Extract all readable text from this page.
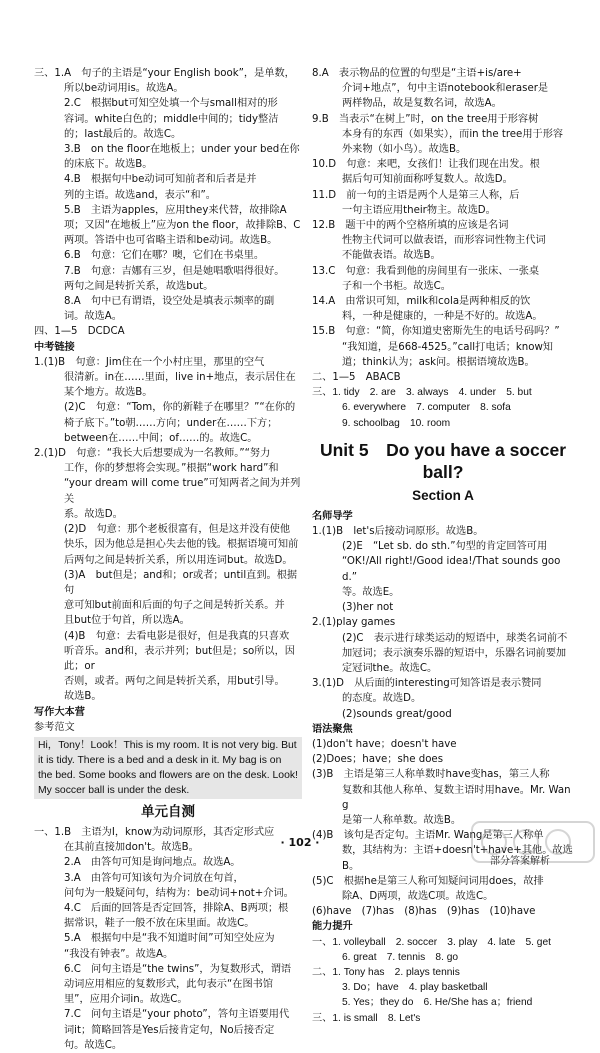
三、1.A　句子的主语是“your English book”，是单数，

所以be动词用is。故选A。

2.C　根据but可知空处填一个与small相对的形

容词。white白色的；middle中间的；tidy整洁

的；last最后的。故选C。

3.B　on the floor在地板上；under your bed在你

的床底下。故选B。

4.B　根据句中be动词可知前者和后者是并

列的主语。故选and，表示“和”。

5.B　主语为apples，应用they来代替，故排除A

项；又因“在地板上”应为on the floor，故排除B、C

两项。答语中也可省略主语和be动词。故选B。

6.B　句意：它们在哪？噢，它们在书桌里。

7.B　句意：吉娜有三岁，但是她唱歌唱得很好。

两句之间是转折关系，故选but。

8.A　句中已有谓语，设空处是填表示频率的副

词。故选A。

四、1—5　DCDCA

中考链接

1.(1)B　句意：Jim住在一个小村庄里，那里的空气

很清新。in在……里面，live in+地点，表示居住在

某个地方。故选B。

(2)C　句意：“Tom，你的新鞋子在哪里？”“在你的

椅子底下。”to朝……方向；under在……下方；

between在……中间；of……的。故选C。

2.(1)D　句意：“我长大后想要成为一名教师。”“努力

工作，你的梦想将会实现。”根据“work hard”和

“your dream will come true”可知两者之间为并列关

系。故选D。

(2)D　句意：那个老板很富有，但是这并没有使他

快乐，因为他总是担心失去他的钱。根据语境可知前

后两句之间是转折关系，所以用连词but。故选D。

(3)A　but但是；and和；or或者；until直到。根据句

意可知but前面和后面的句子之间是转折关系。并

且but位于句首，所以选A。

(4)B　句意：去看电影是很好，但是我真的只喜欢

听音乐。and和，表示并列；but但是；so所以，因此；or

否则，或者。两句之间是转折关系，用but引导。

故选B。

写作大本营

参考范文

Hi，Tony！Look！This is my room. It is not very big. But it is tidy. There is a bed and a desk in it. My bag is on the bed. Some books and flowers are on the desk. Look! My soccer ball is under the desk.
单元自测

一、1.B　主语为I，know为动词原形，其否定形式应

在其前直接加don't。故选B。

2.A　由答句可知是询问地点。故选A。

3.A　由答句可知该句为介词放在句首，

问句为一般疑问句，结构为：be动词+not+介词。

4.C　后面的回答是否定回答，排除A、B两项；根

据常识，鞋子一般不放在床里面。故选C。

5.A　根据句中是“我不知道时间”可知空处应为

“我没有钟表”。故选A。

6.C　问句主语是“the twins”，为复数形式，谓语

动词应用相应的复数形式，此句表示“在图书馆

里”，应用介词in。故选C。

7.C　问句主语是“your photo”，答句主语要用代

词it；简略回答是Yes后接肯定句，No后接否定

句。故选C。

8.A　表示物品的位置的句型是“主语+is/are+

介词+地点”，句中主语notebook和eraser是

两样物品，故是复数名词，故选A。

9.B　当表示“在树上”时，on the tree用于形容树

本身有的东西（如果实），而in the tree用于形容

外来物（如小鸟）。故选B。

10.D　句意：来吧，女孩们！让我们现在出发。根

据后句可知前面称呼复数人。故选D。

11.D　前一句的主语是两个人是第三人称，后

一句主语应用their物主。故选D。

12.B　题干中的两个空格所填的应该是名词

性物主代词可以做表语，而形容词性物主代词

不能做表语。故选B。

13.C　句意：我看到他的房间里有一张床、一张桌

子和一个书柜。故选C。

14.A　由常识可知，milk和cola是两种相反的饮

料，一种是健康的，一种是不好的。故选A。

15.B　句意：“简，你知道史密斯先生的电话号码吗？”

“我知道，是668-4525。”call打电话；know知

道；think认为；ask问。根据语境故选B。

二、1—5　ABACB

三、1. tidy　2. are　3. always　4. under　5. but

6. everywhere　7. computer　8. sofa

9. schoolbag　10. room

Unit 5　Do you have a soccer ball?
Section A

名师导学

1.(1)B　let's后接动词原形。故选B。

(2)E　“Let sb. do sth.”句型的肯定回答可用

“OK!/All right!/Good idea!/That sounds good.”

等。故选E。

(3)her not

2.(1)play games

(2)C　表示进行球类运动的短语中，球类名词前不

加冠词；表示演奏乐器的短语中，乐器名词前要加

定冠词the。故选C。

3.(1)D　从后面的interesting可知答语是表示赞同

的态度。故选D。

(2)sounds great/good

语法聚焦

(1)don't have；doesn't have

(2)Does；have；she does

(3)B　主语是第三人称单数时have变has，第三人称

复数和其他人称单、复数主语时用have。Mr. Wang

是第一人称单数。故选B。

(4)B　该句是否定句。主语Mr. Wang是第三人称单

数，其结构为：主语+doesn't+have+其他。故选

B。

(5)C　根据he是第三人称可知疑问词用does，故排

除A、D两项，故选C项。故选C。

(6)have　(7)has　(8)has　(9)has　(10)have

能力提升

一、1. volleyball　2. soccer　3. play　4. late　5. get

6. great　7. tennis　8. go

二、1. Tony has　2. plays tennis

3. Do；have　4. play basketball

5. Yes；they do　6. He/She has a；friend

三、1. is small　8. Let's

· 102 ·
部分答案解析
